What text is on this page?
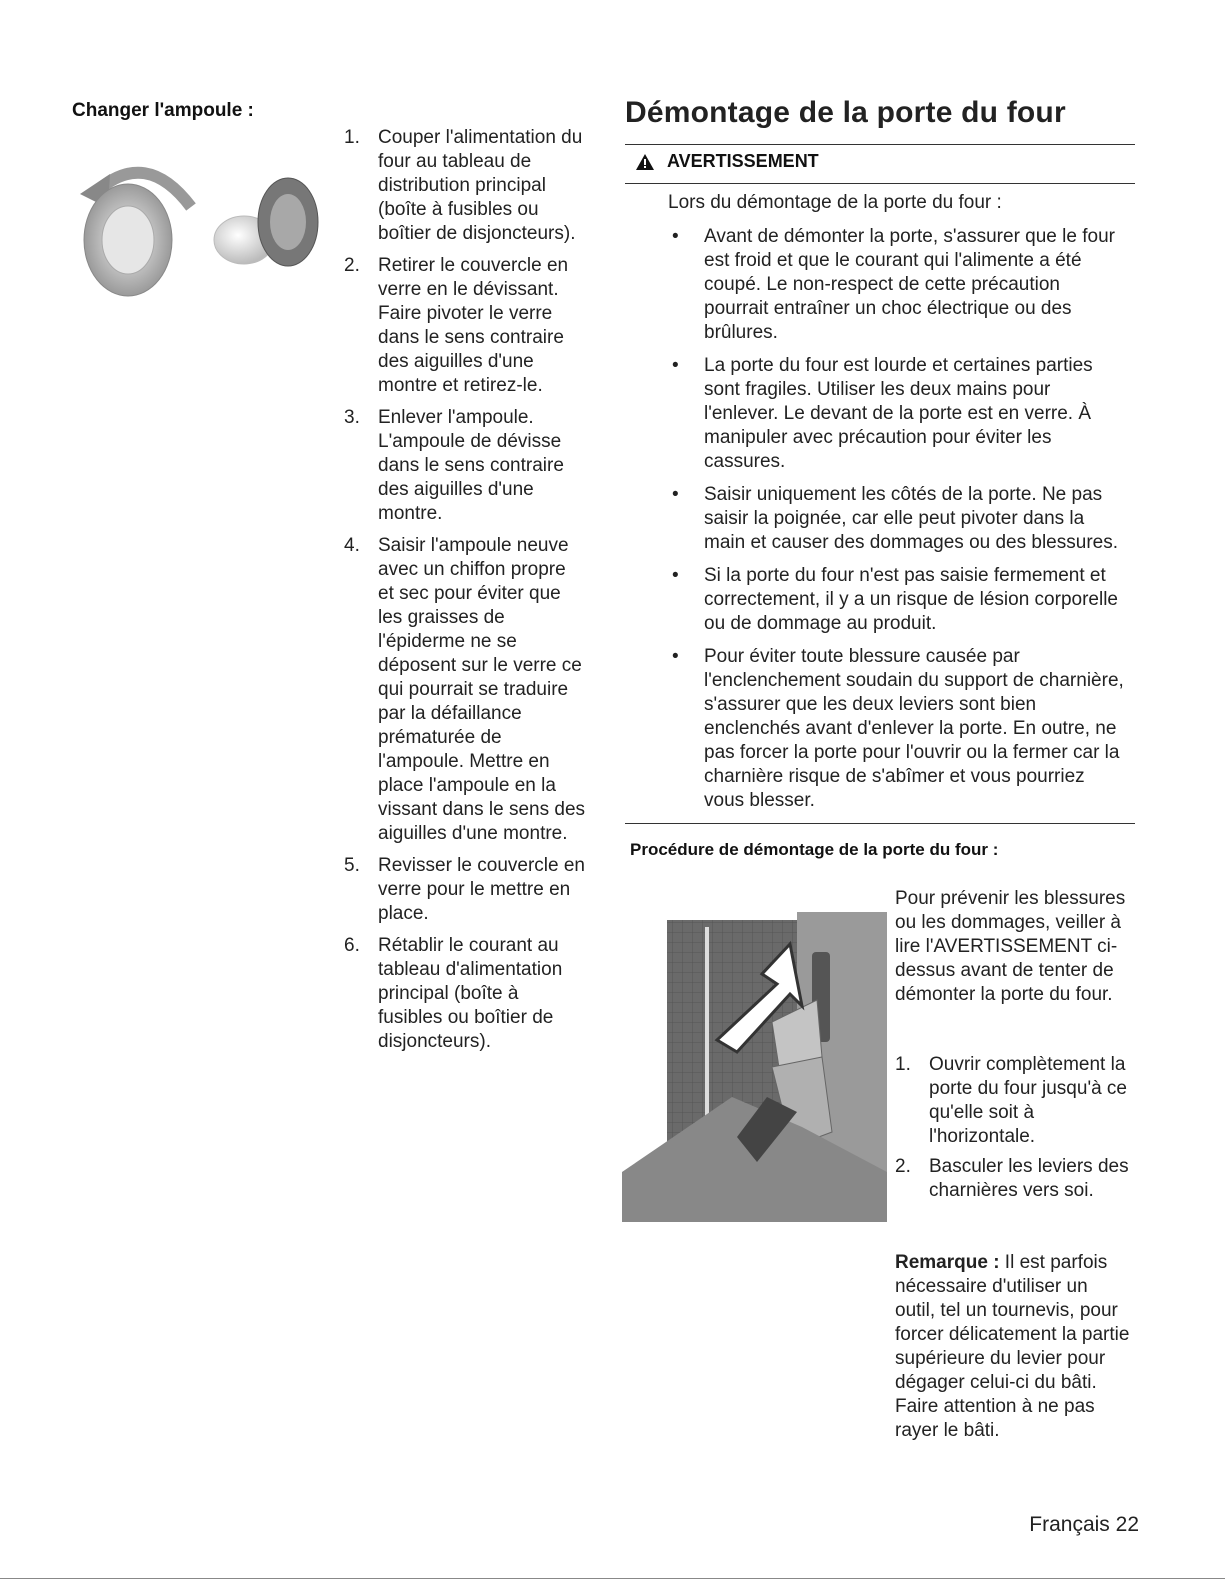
Changer l'ampoule :
1. Couper l'alimentation du four au tableau de distribution principal (boîte à fusibles ou boîtier de disjoncteurs).
2. Retirer le couvercle en verre en le dévissant. Faire pivoter le verre dans le sens contraire des aiguilles d'une montre et retirez-le.
3. Enlever l'ampoule. L'ampoule de dévisse dans le sens contraire des aiguilles d'une montre.
4. Saisir l'ampoule neuve avec un chiffon propre et sec pour éviter que les graisses de l'épiderme ne se déposent sur le verre ce qui pourrait se traduire par la défaillance prématurée de l'ampoule. Mettre en place l'ampoule en la vissant dans le sens des aiguilles d'une montre.
5. Revisser le couvercle en verre pour le mettre en place.
6. Rétablir le courant au tableau d'alimentation principal (boîte à fusibles ou boîtier de disjoncteurs).
Démontage de la porte du four
AVERTISSEMENT
Lors du démontage de la porte du four :
• Avant de démonter la porte, s'assurer que le four est froid et que le courant qui l'alimente a été coupé. Le non-respect de cette précaution pourrait entraîner un choc électrique ou des brûlures.
• La porte du four est lourde et certaines parties sont fragiles. Utiliser les deux mains pour l'enlever. Le devant de la porte est en verre. À manipuler avec précaution pour éviter les cassures.
• Saisir uniquement les côtés de la porte. Ne pas saisir la poignée, car elle peut pivoter dans la main et causer des dommages ou des blessures.
• Si la porte du four n'est pas saisie fermement et correctement, il y a un risque de lésion corporelle ou de dommage au produit.
• Pour éviter toute blessure causée par l'enclenchement soudain du support de charnière, s'assurer que les deux leviers sont bien enclenchés avant d'enlever la porte. En outre, ne pas forcer la porte pour l'ouvrir ou la fermer car la charnière risque de s'abîmer et vous pourriez vous blesser.
Procédure de démontage de la porte du four :
Pour prévenir les blessures ou les dommages, veiller à lire l'AVERTISSEMENT ci-dessus avant de tenter de démonter la porte du four.
1. Ouvrir complètement la porte du four jusqu'à ce qu'elle soit à l'horizontale.
2. Basculer les leviers des charnières vers soi.
Remarque : Il est parfois nécessaire d'utiliser un outil, tel un tournevis, pour forcer délicatement la partie supérieure du levier pour dégager celui-ci du bâti. Faire attention à ne pas rayer le bâti.
Français 22
